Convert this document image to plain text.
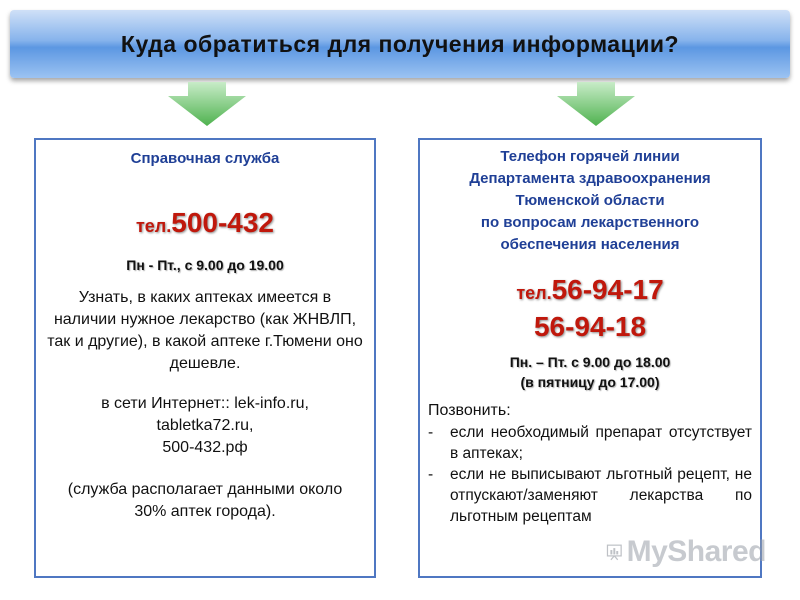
Куда обратиться для получения информации?
Справочная служба
тел.500-432
Пн - Пт., с 9.00 до 19.00
Узнать, в каких аптеках имеется в наличии нужное лекарство (как ЖНВЛП, так и другие), в какой аптеке г.Тюмени оно дешевле.
в сети Интернет:: lek-info.ru,
tabletka72.ru,
500-432.рф
(служба располагает данными около 30% аптек города).
Телефон горячей линии
Департамента здравоохранения
Тюменской области
по вопросам лекарственного
обеспечения населения
тел.56-94-17
56-94-18
Пн. – Пт. с 9.00 до 18.00
(в пятницу до 17.00)
Позвонить:
-	если необходимый препарат отсутствует в аптеках;
-	если не выписывают льготный рецепт, не отпускают/заменяют лекарства по льготным рецептам
MyShared
